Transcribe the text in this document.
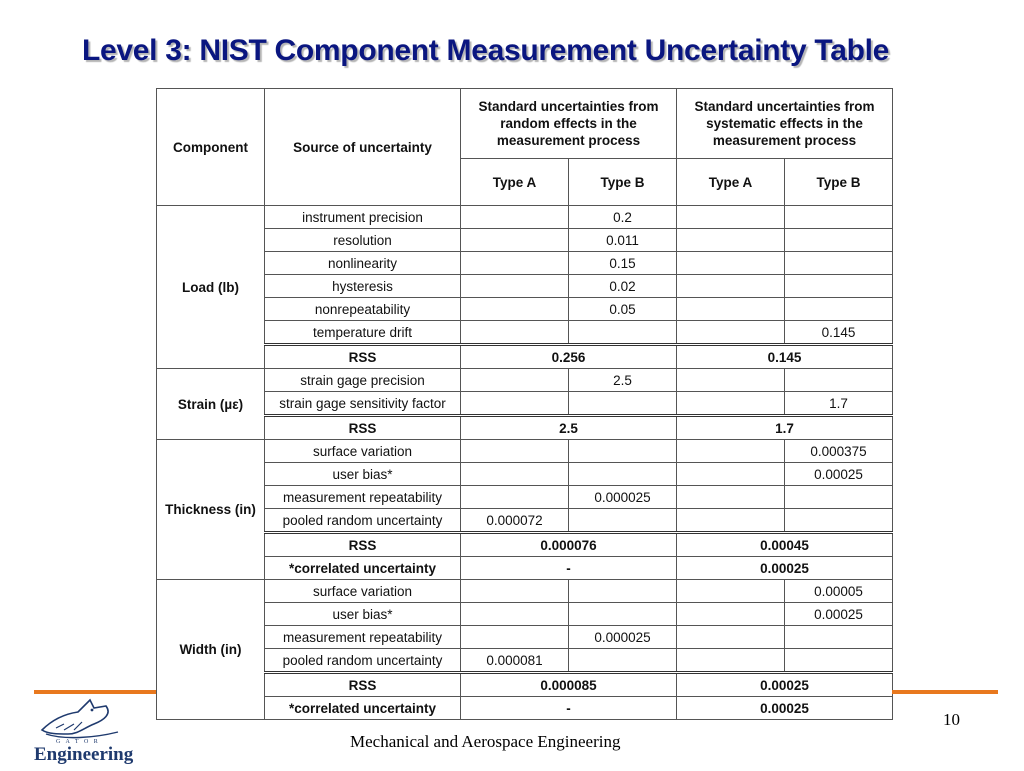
Level 3: NIST Component Measurement Uncertainty Table
Component	Source of uncertainty	Standard uncertainties from random effects in the measurement process		Standard uncertainties from systematic effects in the measurement process	
		Type A	Type B	Type A	Type B
Load (lb)	instrument precision		0.2		
	resolution		0.011		
	nonlinearity		0.15		
	hysteresis		0.02		
	nonrepeatability		0.05		
	temperature drift				0.145
	RSS	0.256		0.145	
Strain (µε)	strain gage precision		2.5		
	strain gage sensitivity factor				1.7
	RSS	2.5		1.7	
Thickness (in)	surface variation				0.000375
	user bias*				0.00025
	measurement repeatability		0.000025		
	pooled random uncertainty	0.000072			
	RSS	0.000076		0.00045	
	*correlated uncertainty	-		0.00025	
Width (in)	surface variation				0.00005
	user bias*				0.00025
	measurement repeatability		0.000025		
	pooled random uncertainty	0.000081			
	RSS	0.000085		0.00025	
	*correlated uncertainty	-		0.00025	
G A T O R
Engineering
Mechanical and Aerospace Engineering
10
